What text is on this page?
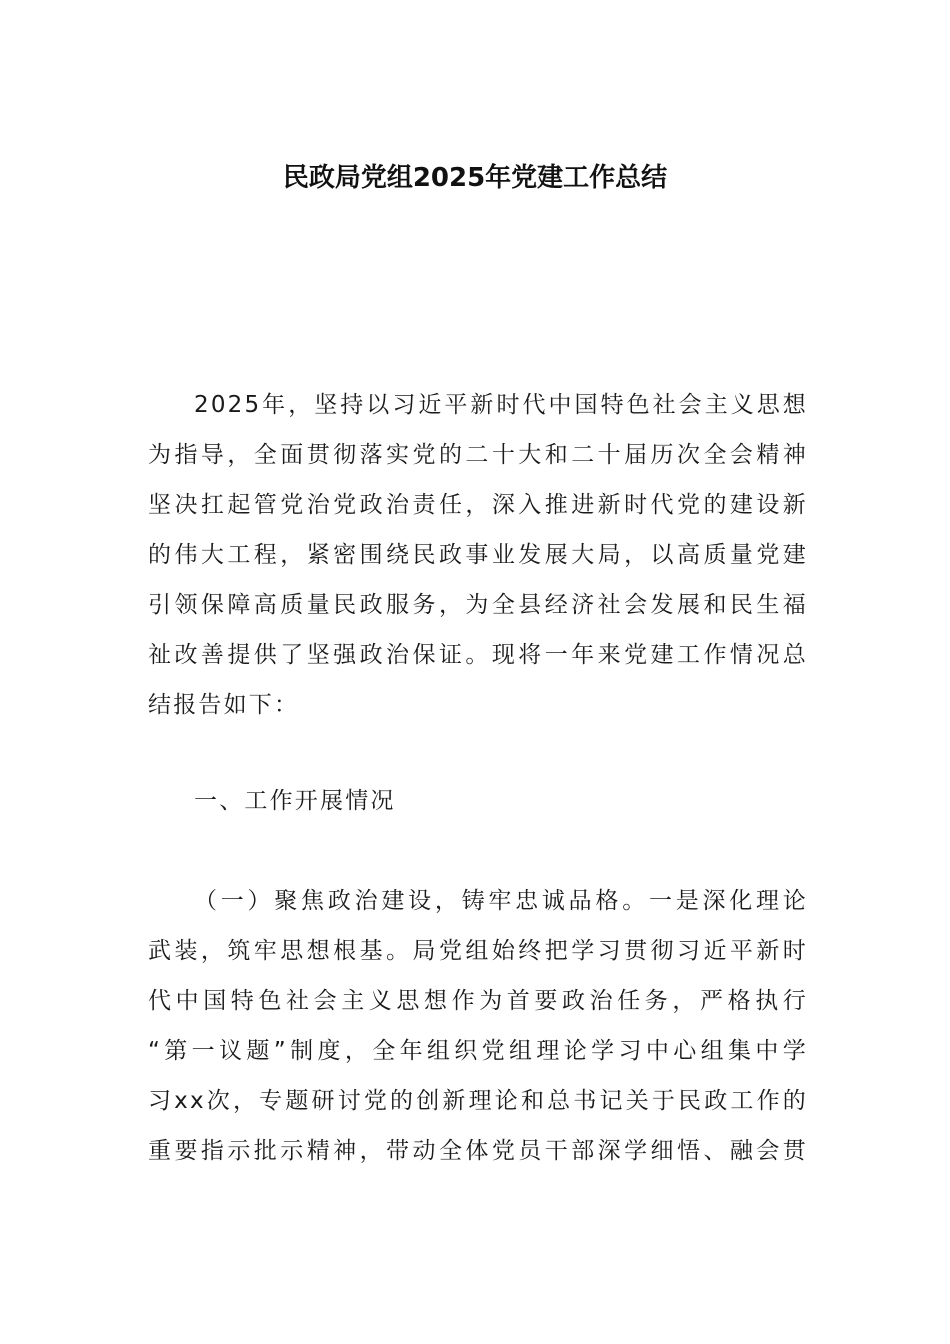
民政局党组2025年党建工作总结
2025年，坚持以习近平新时代中国特色社会主义思想
为指导，全面贯彻落实党的二十大和二十届历次全会精神
坚决扛起管党治党政治责任，深入推进新时代党的建设新
的伟大工程，紧密围绕民政事业发展大局，以高质量党建
引领保障高质量民政服务，为全县经济社会发展和民生福
祉改善提供了坚强政治保证。现将一年来党建工作情况总
结报告如下：
一、工作开展情况
（一）聚焦政治建设，铸牢忠诚品格。一是深化理论
武装，筑牢思想根基。局党组始终把学习贯彻习近平新时
代中国特色社会主义思想作为首要政治任务，严格执行
“第一议题”制度，全年组织党组理论学习中心组集中学
习xx次，专题研讨党的创新理论和总书记关于民政工作的
重要指示批示精神，带动全体党员干部深学细悟、融会贯
